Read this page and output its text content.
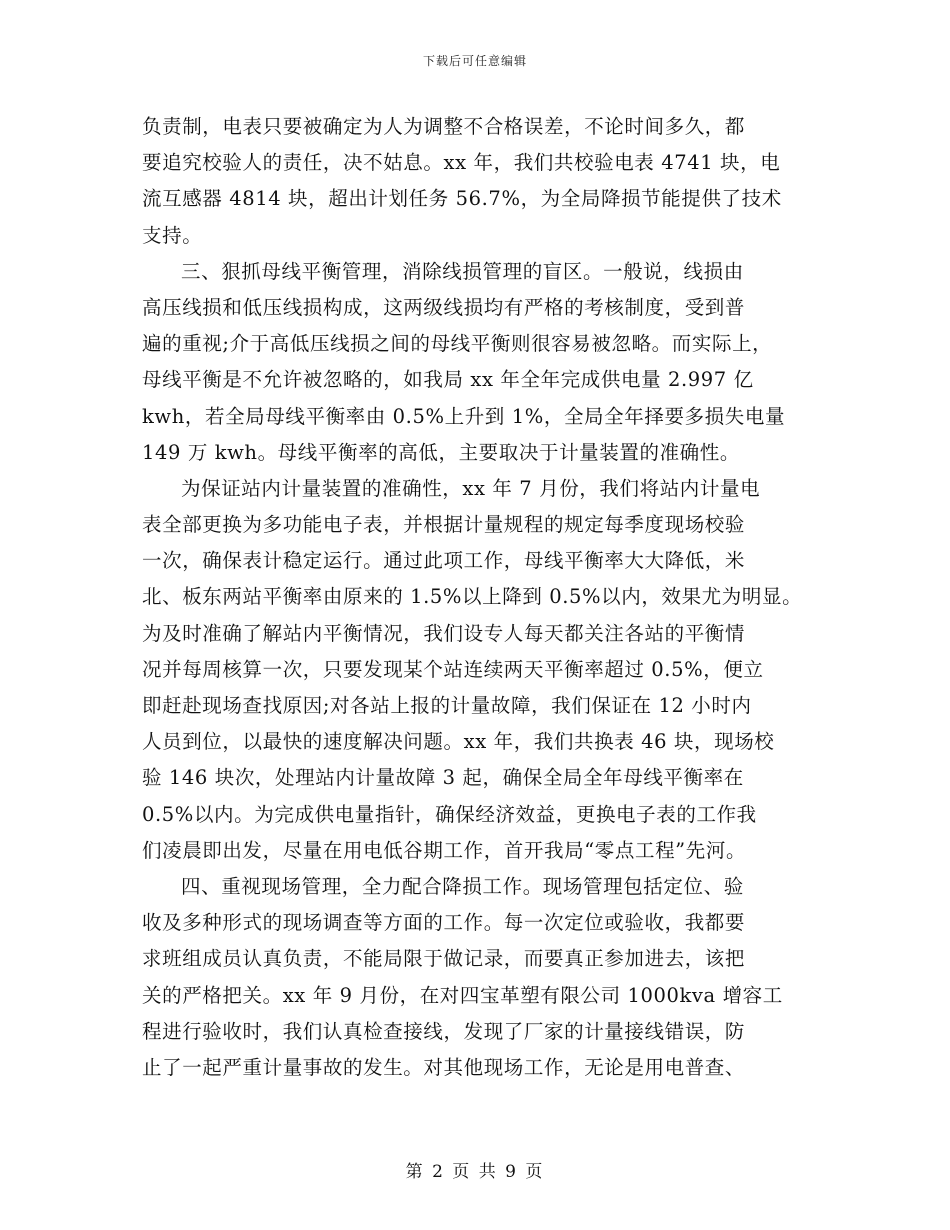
下载后可任意编辑
负责制，电表只要被确定为人为调整不合格误差，不论时间多久，都
要追究校验人的责任，决不姑息。xx 年，我们共校验电表 4741 块，电
流互感器 4814 块，超出计划任务 56.7%，为全局降损节能提供了技术
支持。
三、狠抓母线平衡管理，消除线损管理的盲区。一般说，线损由
高压线损和低压线损构成，这两级线损均有严格的考核制度，受到普
遍的重视;介于高低压线损之间的母线平衡则很容易被忽略。而实际上，
母线平衡是不允许被忽略的，如我局 xx 年全年完成供电量 2.997 亿
kwh，若全局母线平衡率由 0.5%上升到 1%，全局全年择要多损失电量
149 万 kwh。母线平衡率的高低，主要取决于计量装置的准确性。
为保证站内计量装置的准确性，xx 年 7 月份，我们将站内计量电
表全部更换为多功能电子表，并根据计量规程的规定每季度现场校验
一次，确保表计稳定运行。通过此项工作，母线平衡率大大降低，米
北、板东两站平衡率由原来的 1.5%以上降到 0.5%以内，效果尤为明显。
为及时准确了解站内平衡情况，我们设专人每天都关注各站的平衡情
况并每周核算一次，只要发现某个站连续两天平衡率超过 0.5%，便立
即赶赴现场查找原因;对各站上报的计量故障，我们保证在 12 小时内
人员到位，以最快的速度解决问题。xx 年，我们共换表 46 块，现场校
验 146 块次，处理站内计量故障 3 起，确保全局全年母线平衡率在
0.5%以内。为完成供电量指针，确保经济效益，更换电子表的工作我
们凌晨即出发，尽量在用电低谷期工作，首开我局“零点工程”先河。
四、重视现场管理，全力配合降损工作。现场管理包括定位、验
收及多种形式的现场调查等方面的工作。每一次定位或验收，我都要
求班组成员认真负责，不能局限于做记录，而要真正参加进去，该把
关的严格把关。xx 年 9 月份，在对四宝革塑有限公司 1000kva 增容工
程进行验收时，我们认真检查接线，发现了厂家的计量接线错误，防
止了一起严重计量事故的发生。对其他现场工作，无论是用电普查、
第 2 页 共 9 页
